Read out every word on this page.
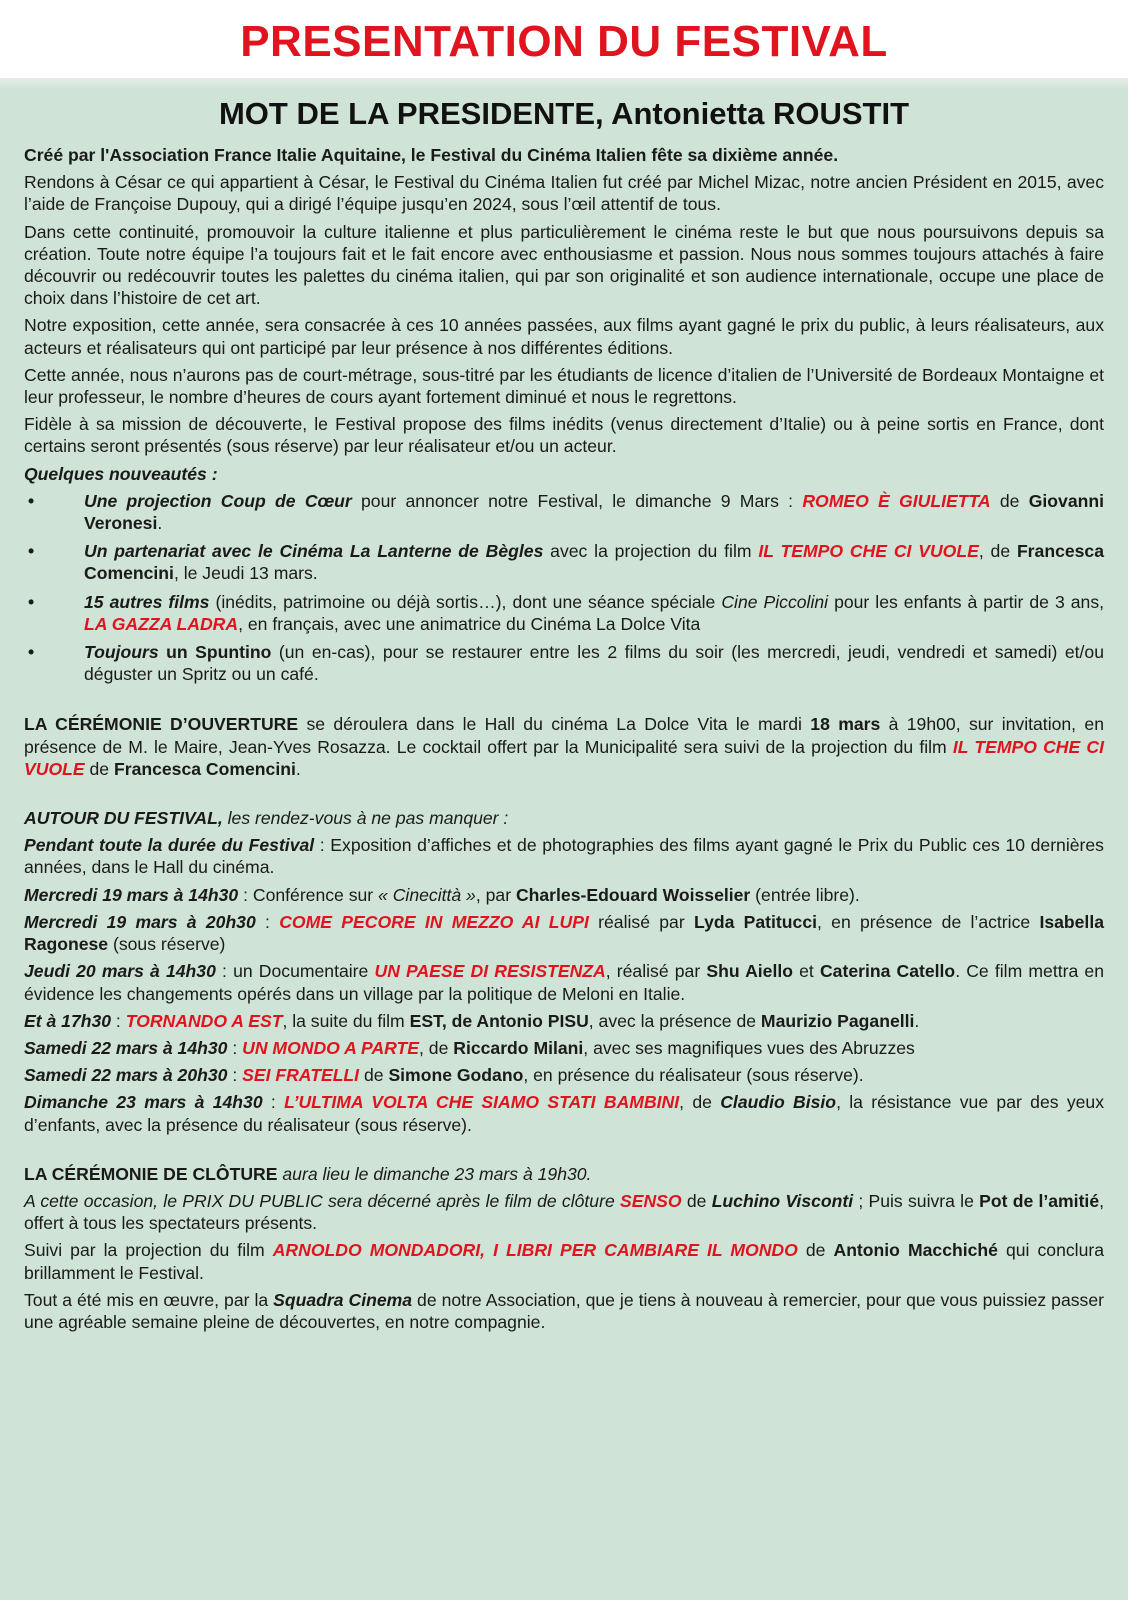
PRESENTATION DU FESTIVAL
MOT DE LA PRESIDENTE, Antonietta ROUSTIT

Créé par l'Association France Italie Aquitaine, le Festival du Cinéma Italien fête sa dixième année.

Rendons à César ce qui appartient à César, le Festival du Cinéma Italien fut créé par Michel Mizac, notre ancien Président en 2015, avec l’aide de Françoise Dupouy, qui a dirigé l’équipe jusqu’en 2024, sous l’œil attentif de tous.

Dans cette continuité, promouvoir la culture italienne et plus particulièrement le cinéma reste le but que nous poursuivons depuis sa création. Toute notre équipe l’a toujours fait et le fait encore avec enthousiasme et passion. Nous nous sommes toujours attachés à faire découvrir ou redécouvrir toutes les palettes du cinéma italien, qui par son originalité et son audience internationale, occupe une place de choix dans l’histoire de cet art.

Notre exposition, cette année, sera consacrée à ces 10 années passées, aux films ayant gagné le prix du public, à leurs réalisateurs, aux acteurs et réalisateurs qui ont participé par leur présence à nos différentes éditions.

Cette année, nous n’aurons pas de court-métrage, sous-titré par les étudiants de licence d’italien de l’Université de Bordeaux Montaigne et leur professeur, le nombre d’heures de cours ayant fortement diminué et nous le regrettons.

Fidèle à sa mission de découverte, le Festival propose des films inédits (venus directement d’Italie) ou à peine sortis en France, dont certains seront présentés (sous réserve) par leur réalisateur et/ou un acteur.

Quelques nouveautés :

•	Une projection Coup de Cœur pour annoncer notre Festival, le dimanche 9 Mars : ROMEO È GIULIETTA de Giovanni Veronesi.
•	Un partenariat avec le Cinéma La Lanterne de Bègles avec la projection du film IL TEMPO CHE CI VUOLE, de Francesca Comencini, le Jeudi 13 mars.
•	15 autres films (inédits, patrimoine ou déjà sortis…), dont une séance spéciale Cine Piccolini pour les enfants à partir de 3 ans, LA GAZZA LADRA, en français, avec une animatrice du Cinéma La Dolce Vita
•	Toujours un Spuntino (un en-cas), pour se restaurer entre les 2 films du soir (les mercredi, jeudi, vendredi et samedi) et/ou déguster un Spritz ou un café.

LA CÉRÉMONIE D’OUVERTURE se déroulera dans le Hall du cinéma La Dolce Vita le mardi 18 mars à 19h00, sur invitation, en présence de M. le Maire, Jean-Yves Rosazza. Le cocktail offert par la Municipalité sera suivi de la projection du film IL TEMPO CHE CI VUOLE de Francesca Comencini.

AUTOUR DU FESTIVAL, les rendez-vous à ne pas manquer :

Pendant toute la durée du Festival : Exposition d’affiches et de photographies des films ayant gagné le Prix du Public ces 10 dernières années, dans le Hall du cinéma.

Mercredi 19 mars à 14h30 : Conférence sur « Cinecittà », par Charles-Edouard Woisselier (entrée libre).

Mercredi 19 mars à 20h30 : COME PECORE IN MEZZO AI LUPI réalisé par Lyda Patitucci, en présence de l’actrice Isabella Ragonese (sous réserve)

Jeudi 20 mars à 14h30 : un Documentaire UN PAESE DI RESISTENZA, réalisé par Shu Aiello et Caterina Catello. Ce film mettra en évidence les changements opérés dans un village par la politique de Meloni en Italie.

Et à 17h30 : TORNANDO A EST, la suite du film EST, de Antonio PISU, avec la présence de Maurizio Paganelli.

Samedi 22 mars à 14h30 : UN MONDO A PARTE, de Riccardo Milani, avec ses magnifiques vues des Abruzzes

Samedi 22 mars à 20h30 : SEI FRATELLI de Simone Godano, en présence du réalisateur (sous réserve).

Dimanche 23 mars à 14h30 : L’ULTIMA VOLTA CHE SIAMO STATI BAMBINI, de Claudio Bisio, la résistance vue par des yeux d’enfants, avec la présence du réalisateur (sous réserve).

LA CÉRÉMONIE DE CLÔTURE aura lieu le dimanche 23 mars à 19h30.

A cette occasion, le PRIX DU PUBLIC sera décerné après le film de clôture SENSO de Luchino Visconti ; Puis suivra le Pot de l’amitié, offert à tous les spectateurs présents.

Suivi par la projection du film ARNOLDO MONDADORI, I LIBRI PER CAMBIARE IL MONDO de Antonio Macchiché qui conclura brillamment le Festival.

Tout a été mis en œuvre, par la Squadra Cinema de notre Association, que je tiens à nouveau à remercier, pour que vous puissiez passer une agréable semaine pleine de découvertes, en notre compagnie.
